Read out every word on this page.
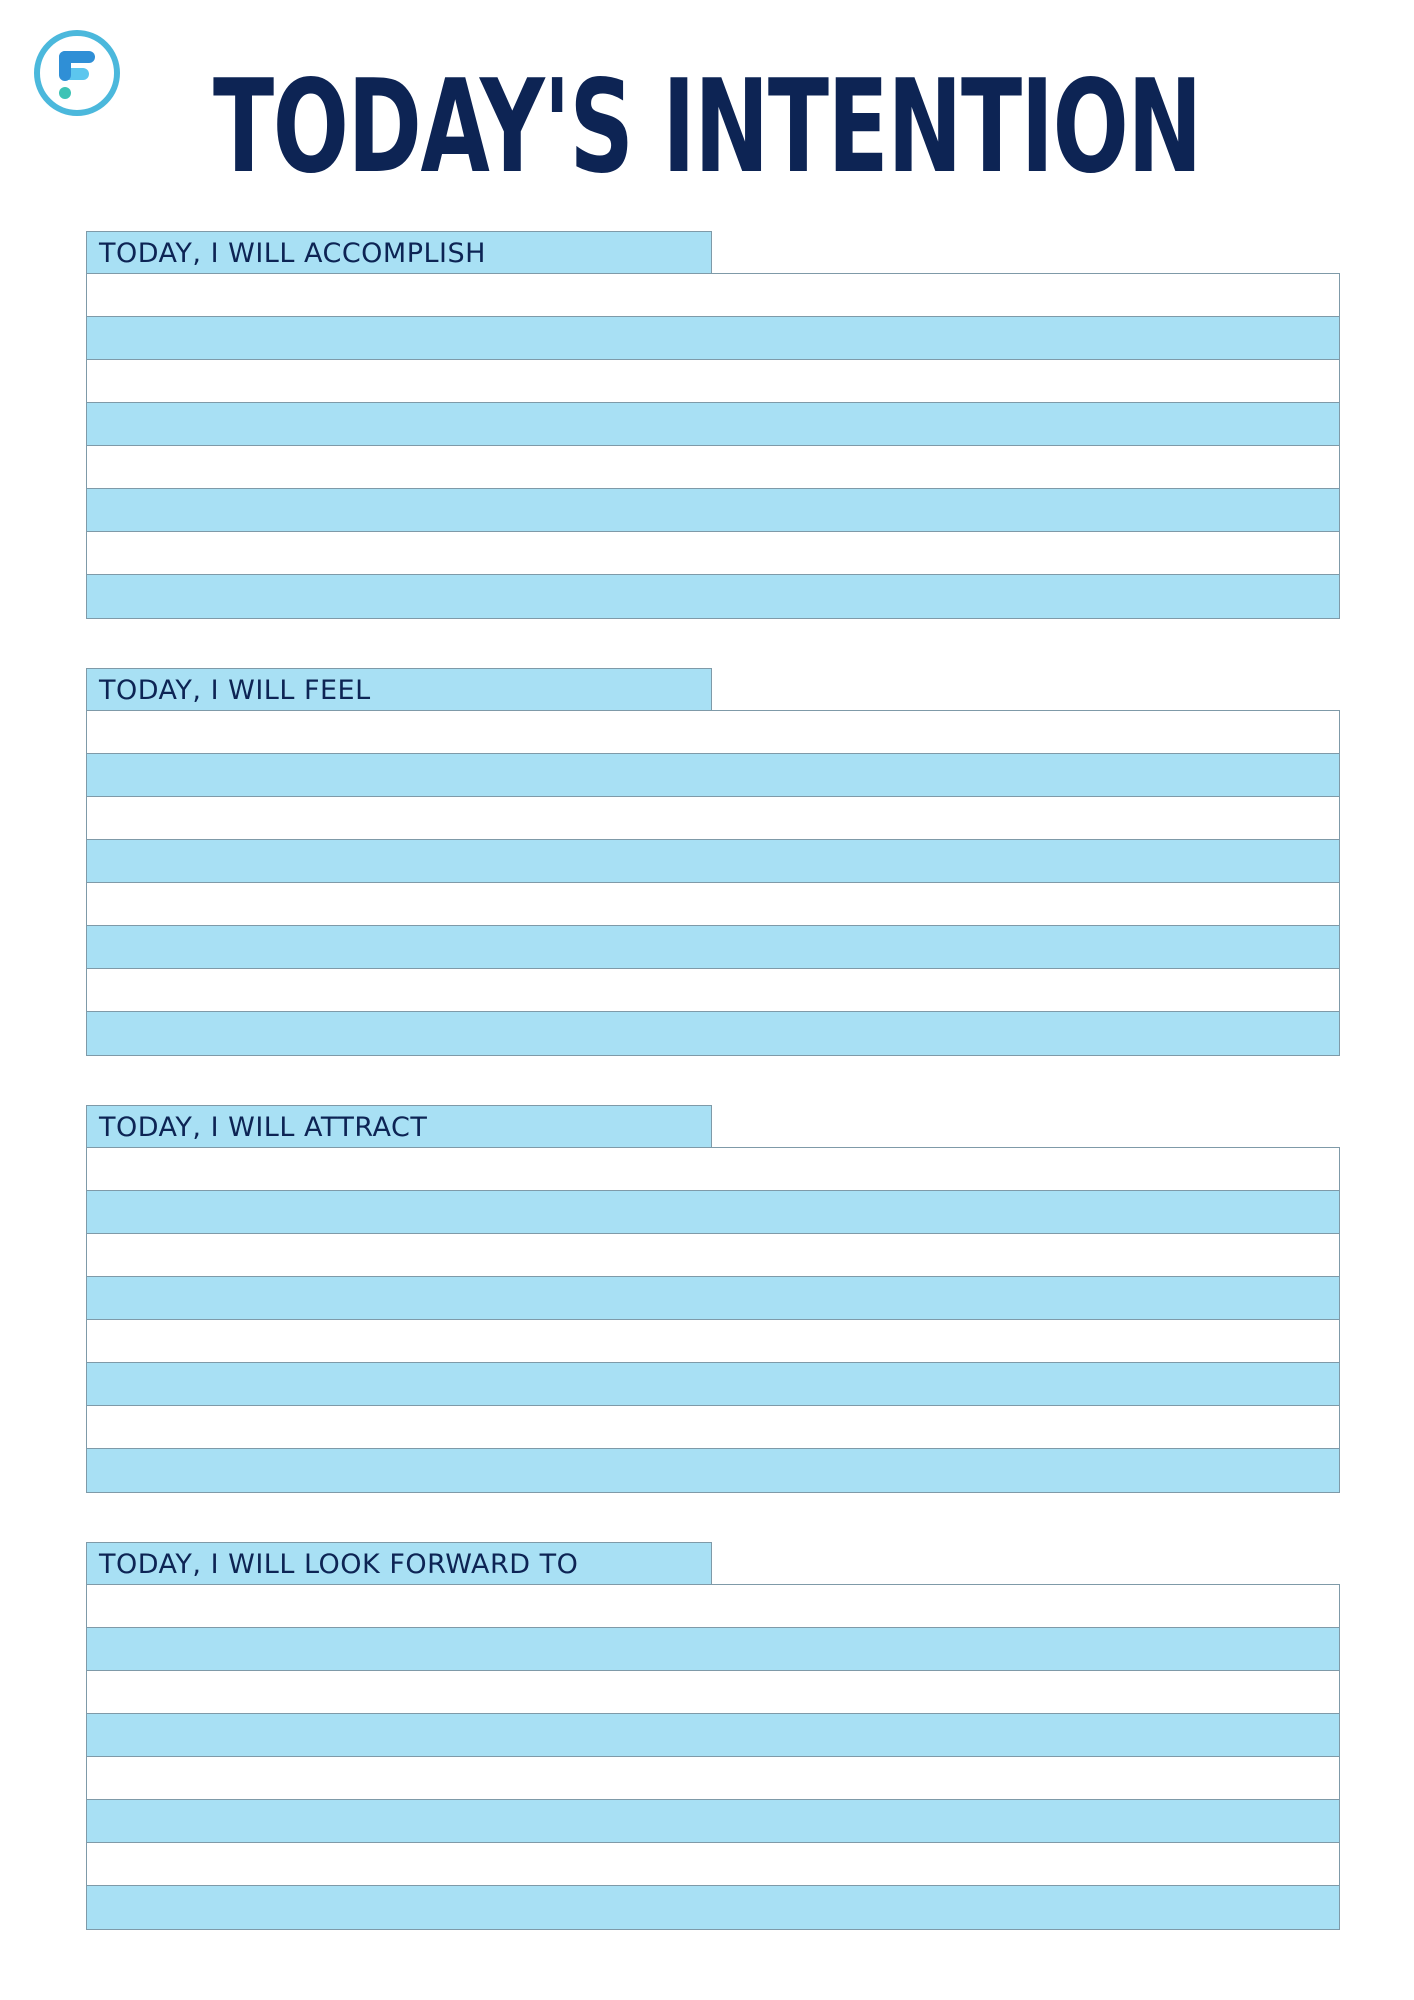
TODAY'S INTENTION
TODAY, I WILL ACCOMPLISH
TODAY, I WILL FEEL
TODAY, I WILL ATTRACT
TODAY, I WILL LOOK FORWARD TO
